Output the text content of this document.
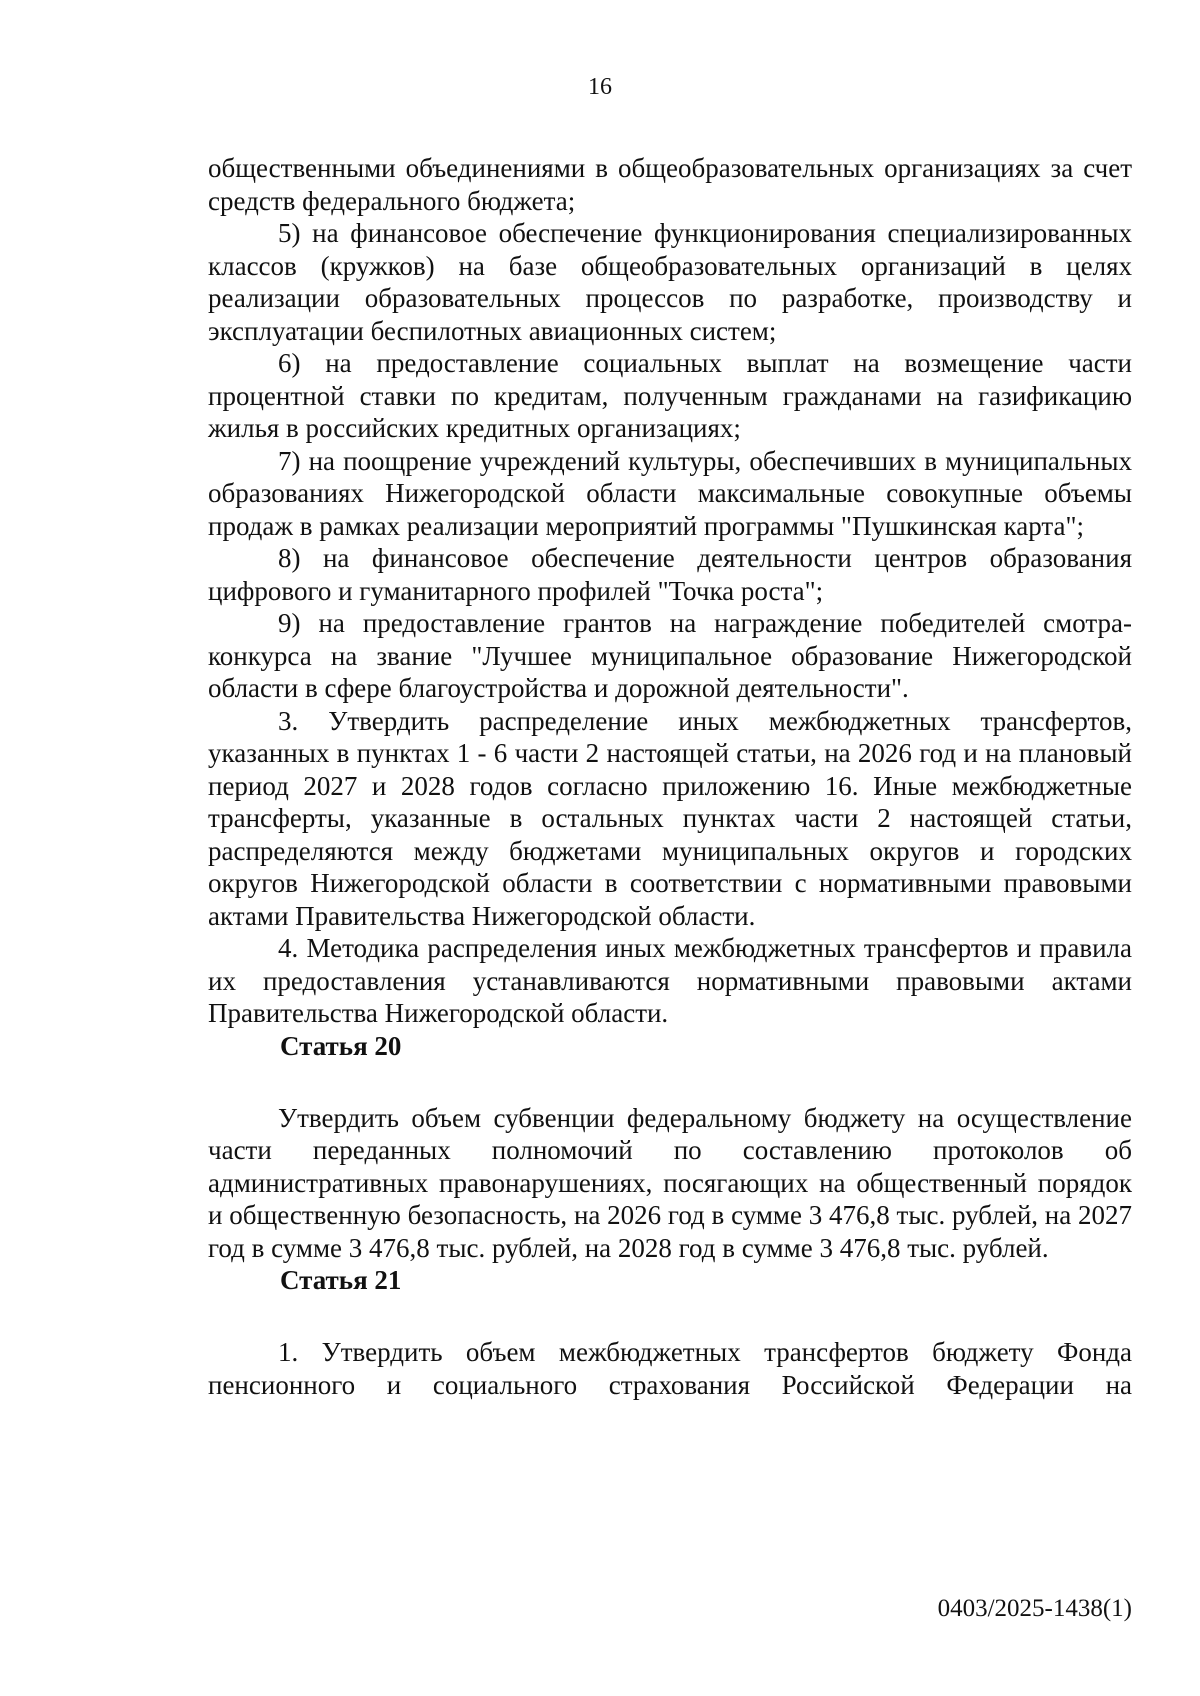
16

общественными объединениями в общеобразовательных организациях за счет средств федерального бюджета;

5) на финансовое обеспечение функционирования специализированных классов (кружков) на базе общеобразовательных организаций в целях реализации образовательных процессов по разработке, производству и эксплуатации беспилотных авиационных систем;

6) на предоставление социальных выплат на возмещение части процентной ставки по кредитам, полученным гражданами на газификацию жилья в российских кредитных организациях;

7) на поощрение учреждений культуры, обеспечивших в муниципальных образованиях Нижегородской области максимальные совокупные объемы продаж в рамках реализации мероприятий программы "Пушкинская карта";

8) на финансовое обеспечение деятельности центров образования цифрового и гуманитарного профилей "Точка роста";

9) на предоставление грантов на награждение победителей смотра-конкурса на звание "Лучшее муниципальное образование Нижегородской области в сфере благоустройства и дорожной деятельности".

3. Утвердить распределение иных межбюджетных трансфертов, указанных в пунктах 1 - 6 части 2 настоящей статьи, на 2026 год и на плановый период 2027 и 2028 годов согласно приложению 16. Иные межбюджетные трансферты, указанные в остальных пунктах части 2 настоящей статьи, распределяются между бюджетами муниципальных округов и городских округов Нижегородской области в соответствии с нормативными правовыми актами Правительства Нижегородской области.

4. Методика распределения иных межбюджетных трансфертов и правила их предоставления устанавливаются нормативными правовыми актами Правительства Нижегородской области.

Статья 20

Утвердить объем субвенции федеральному бюджету на осуществление части переданных полномочий по составлению протоколов об административных правонарушениях, посягающих на общественный порядок и общественную безопасность, на 2026 год в сумме 3 476,8 тыс. рублей, на 2027 год в сумме 3 476,8 тыс. рублей, на 2028 год в сумме 3 476,8 тыс. рублей.

Статья 21

1. Утвердить объем межбюджетных трансфертов бюджету Фонда пенсионного и социального страхования Российской Федерации на

0403/2025-1438(1)
